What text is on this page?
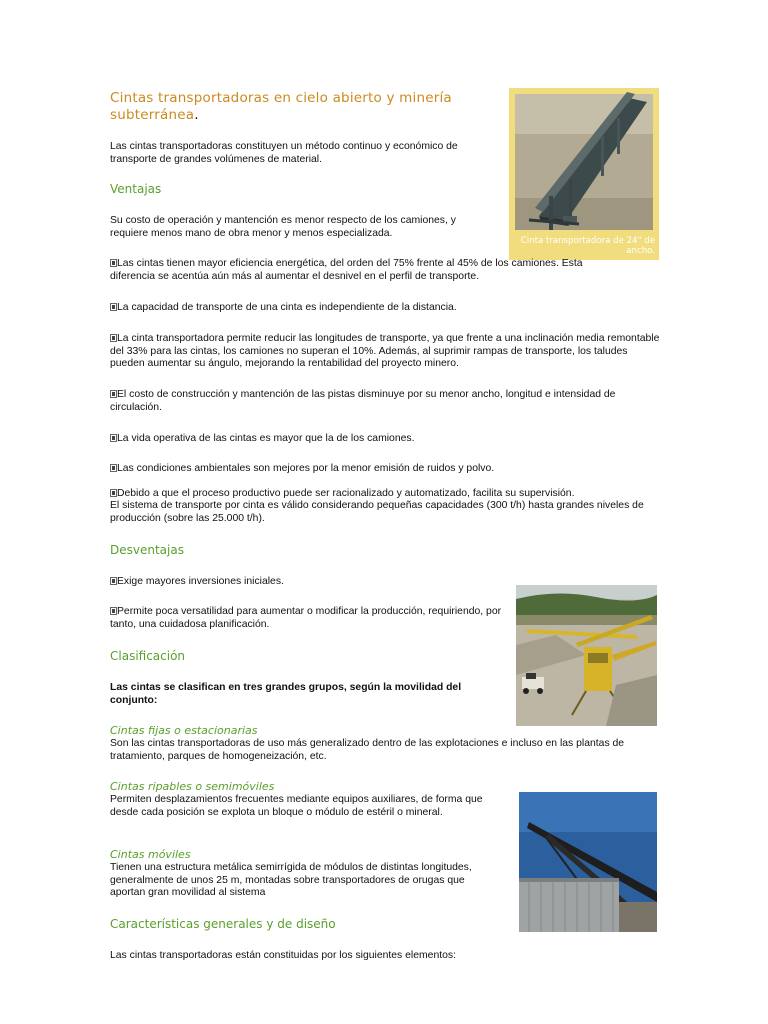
Cintas transportadoras en cielo abierto y minería subterránea.
Las cintas transportadoras constituyen un método continuo y económico de transporte de grandes volúmenes de material.
Cinta transportadora de 24" de ancho.
Ventajas
Su costo de operación y mantención es menor respecto de los camiones, y requiere menos mano de obra menor y menos especializada.
Las cintas tienen mayor eficiencia energética, del orden del 75% frente al 45% de los camiones. Esta diferencia se acentúa aún más al aumentar el desnivel en el perfil de transporte.
La capacidad de transporte de una cinta es independiente de la distancia.
La cinta transportadora permite reducir las longitudes de transporte, ya que frente a una inclinación media remontable del 33% para las cintas, los camiones no superan el 10%. Además, al suprimir rampas de transporte, los taludes pueden aumentar su ángulo, mejorando la rentabilidad del proyecto minero.
El costo de construcción y mantención de las pistas disminuye por su menor ancho, longitud e intensidad de circulación.
La vida operativa de las cintas es mayor que la de los camiones.
Las condiciones ambientales son mejores por la menor emisión de ruidos y polvo.
Debido a que el proceso productivo puede ser racionalizado y automatizado, facilita su supervisión.
El sistema de transporte por cinta es válido considerando pequeñas capacidades (300 t/h) hasta grandes niveles de producción (sobre las 25.000 t/h).
Desventajas
Exige mayores inversiones iniciales.
Permite poca versatilidad para aumentar o modificar la producción, requiriendo, por tanto, una cuidadosa planificación.
Clasificación
Las cintas se clasifican en tres grandes grupos, según la movilidad del conjunto:
Cintas fijas o estacionarias
Son las cintas transportadoras de uso más generalizado dentro de las explotaciones e incluso en las plantas de tratamiento, parques de homogeneización, etc.
Cintas ripables o semimóviles
Permiten desplazamientos frecuentes mediante equipos auxiliares, de forma que desde cada posición se explota un bloque o módulo de estéril o mineral.
Cintas móviles
Tienen una estructura metálica semirrígida de módulos de distintas longitudes, generalmente de unos 25 m, montadas sobre transportadores de orugas que aportan gran movilidad al sistema
Características generales y de diseño
Las cintas transportadoras están constituidas por los siguientes elementos:
